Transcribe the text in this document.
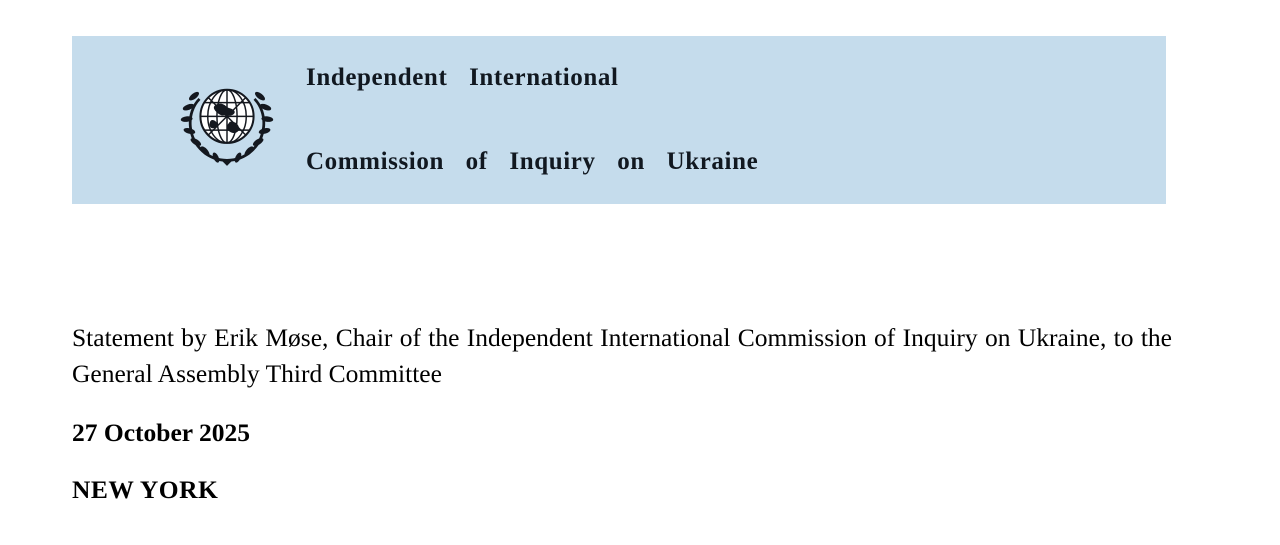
Independent  International

Commission  of  Inquiry  on  Ukraine

Statement by Erik Møse, Chair of the Independent International Commission of Inquiry on Ukraine, to the General Assembly Third Committee

27 October 2025

NEW YORK
